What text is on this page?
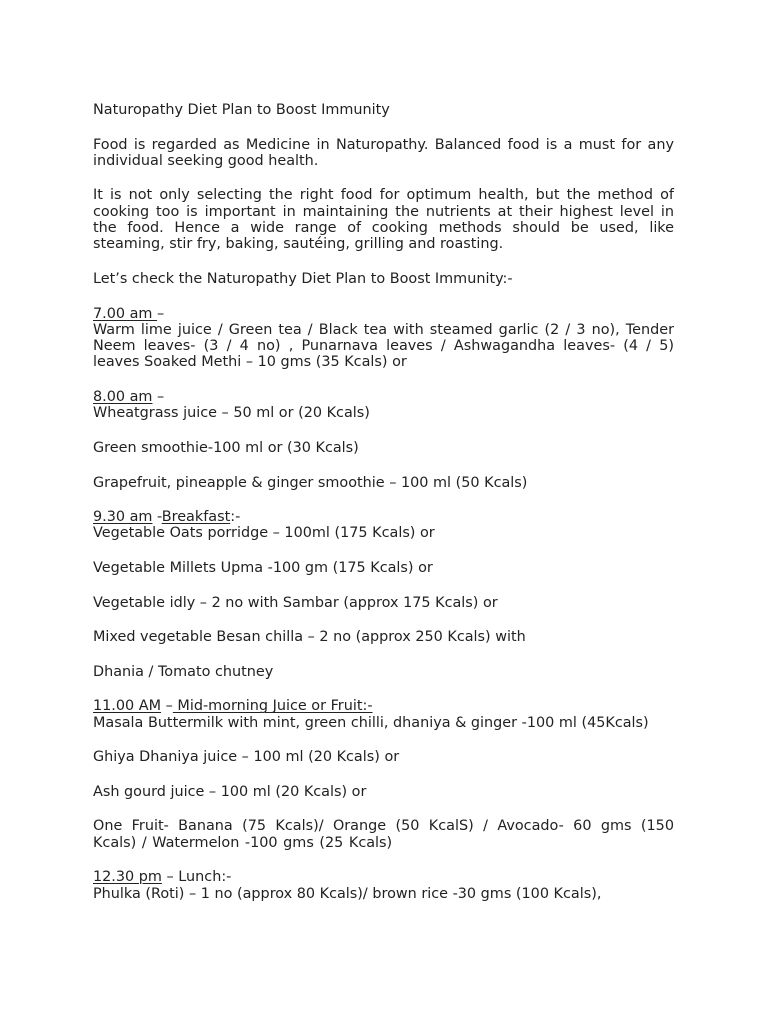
Naturopathy Diet Plan to Boost Immunity

Food is regarded as Medicine in Naturopathy. Balanced food is a must for any individual seeking good health.

It is not only selecting the right food for optimum health, but the method of cooking too is important in maintaining the nutrients at their highest level in the food. Hence a wide range of cooking methods should be used, like steaming, stir fry, baking, sautéing, grilling and roasting.

Let’s check the Naturopathy Diet Plan to Boost Immunity:-

7.00 am –
Warm lime juice / Green tea / Black tea with steamed garlic (2 / 3 no), Tender Neem leaves- (3 / 4 no) , Punarnava leaves / Ashwagandha leaves- (4 / 5) leaves Soaked Methi – 10 gms (35 Kcals) or
8.00 am –
Wheatgrass juice – 50 ml or (20 Kcals)

Green smoothie-100 ml or (30 Kcals)

Grapefruit, pineapple & ginger smoothie – 100 ml (50 Kcals)

9.30 am -Breakfast:-
Vegetable Oats porridge – 100ml (175 Kcals) or

Vegetable Millets Upma -100 gm (175 Kcals) or

Vegetable idly – 2 no with Sambar (approx 175 Kcals) or

Mixed vegetable Besan chilla – 2 no (approx 250 Kcals) with

Dhania / Tomato chutney

11.00 AM – Mid-morning Juice or Fruit:-
Masala Buttermilk with mint, green chilli, dhaniya & ginger -100 ml (45Kcals)

Ghiya Dhaniya juice – 100 ml (20 Kcals) or

Ash gourd juice – 100 ml (20 Kcals) or

One Fruit- Banana (75 Kcals)/ Orange (50 KcalS) / Avocado- 60 gms (150 Kcals) / Watermelon -100 gms (25 Kcals)

12.30 pm – Lunch:-
Phulka (Roti) – 1 no (approx 80 Kcals)/ brown rice -30 gms (100 Kcals),
